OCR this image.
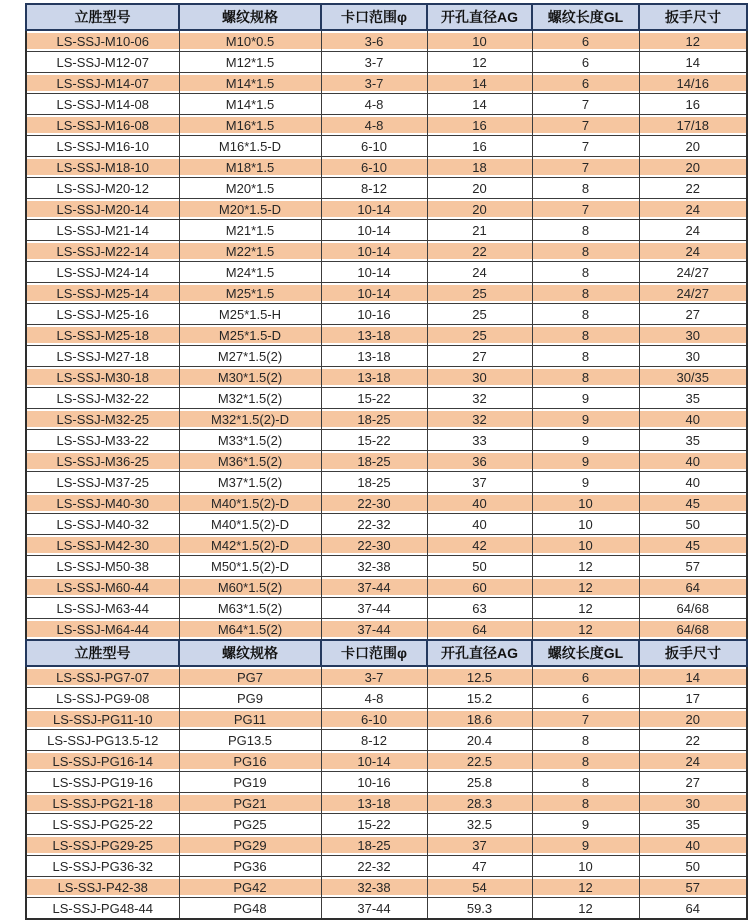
立胜型号	螺纹规格	卡口范围φ	开孔直径AG	螺纹长度GL	扳手尺寸

LS-SSJ-M10-06	M10*0.5	3-6	10	6	12

LS-SSJ-M12-07	M12*1.5	3-7	12	6	14

LS-SSJ-M14-07	M14*1.5	3-7	14	6	14/16

LS-SSJ-M14-08	M14*1.5	4-8	14	7	16

LS-SSJ-M16-08	M16*1.5	4-8	16	7	17/18

LS-SSJ-M16-10	M16*1.5-D	6-10	16	7	20

LS-SSJ-M18-10	M18*1.5	6-10	18	7	20

LS-SSJ-M20-12	M20*1.5	8-12	20	8	22

LS-SSJ-M20-14	M20*1.5-D	10-14	20	7	24

LS-SSJ-M21-14	M21*1.5	10-14	21	8	24

LS-SSJ-M22-14	M22*1.5	10-14	22	8	24

LS-SSJ-M24-14	M24*1.5	10-14	24	8	24/27

LS-SSJ-M25-14	M25*1.5	10-14	25	8	24/27

LS-SSJ-M25-16	M25*1.5-H	10-16	25	8	27

LS-SSJ-M25-18	M25*1.5-D	13-18	25	8	30

LS-SSJ-M27-18	M27*1.5(2)	13-18	27	8	30

LS-SSJ-M30-18	M30*1.5(2)	13-18	30	8	30/35

LS-SSJ-M32-22	M32*1.5(2)	15-22	32	9	35

LS-SSJ-M32-25	M32*1.5(2)-D	18-25	32	9	40

LS-SSJ-M33-22	M33*1.5(2)	15-22	33	9	35

LS-SSJ-M36-25	M36*1.5(2)	18-25	36	9	40

LS-SSJ-M37-25	M37*1.5(2)	18-25	37	9	40

LS-SSJ-M40-30	M40*1.5(2)-D	22-30	40	10	45

LS-SSJ-M40-32	M40*1.5(2)-D	22-32	40	10	50

LS-SSJ-M42-30	M42*1.5(2)-D	22-30	42	10	45

LS-SSJ-M50-38	M50*1.5(2)-D	32-38	50	12	57

LS-SSJ-M60-44	M60*1.5(2)	37-44	60	12	64

LS-SSJ-M63-44	M63*1.5(2)	37-44	63	12	64/68

LS-SSJ-M64-44	M64*1.5(2)	37-44	64	12	64/68

立胜型号	螺纹规格	卡口范围φ	开孔直径AG	螺纹长度GL	扳手尺寸

LS-SSJ-PG7-07	PG7	3-7	12.5	6	14

LS-SSJ-PG9-08	PG9	4-8	15.2	6	17

LS-SSJ-PG11-10	PG11	6-10	18.6	7	20

LS-SSJ-PG13.5-12	PG13.5	8-12	20.4	8	22

LS-SSJ-PG16-14	PG16	10-14	22.5	8	24

LS-SSJ-PG19-16	PG19	10-16	25.8	8	27

LS-SSJ-PG21-18	PG21	13-18	28.3	8	30

LS-SSJ-PG25-22	PG25	15-22	32.5	9	35

LS-SSJ-PG29-25	PG29	18-25	37	9	40

LS-SSJ-PG36-32	PG36	22-32	47	10	50

LS-SSJ-P42-38	PG42	32-38	54	12	57

LS-SSJ-PG48-44	PG48	37-44	59.3	12	64
